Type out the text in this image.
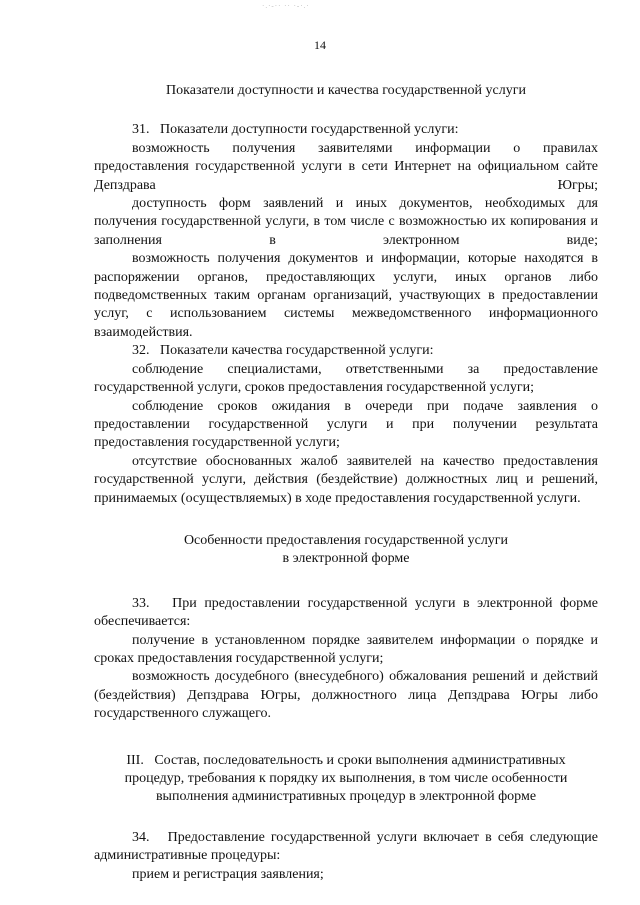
·.·‑·· ·· ·‑·.·
14
Показатели доступности и качества государственной услуги

31.   Показатели доступности государственной услуги:

возможность получения заявителями информации о правилах предоставления государственной услуги в сети Интернет на официальном сайте Депздрава Югры;

доступность форм заявлений и иных документов, необходимых для получения государственной услуги, в том числе с возможностью их копирования и заполнения в электронном виде;

возможность получения документов и информации, которые находятся в распоряжении органов, предоставляющих услуги, иных органов либо подведомственных таким органам организаций, участвующих в предоставлении услуг, с использованием системы межведомственного информационного взаимодействия.

32.   Показатели качества государственной услуги:

соблюдение специалистами, ответственными за предоставление государственной услуги, сроков предоставления государственной услуги;

соблюдение сроков ожидания в очереди при подаче заявления о предоставлении государственной услуги и при получении результата предоставления государственной услуги;

отсутствие обоснованных жалоб заявителей на качество предоставления государственной услуги, действия (бездействие) должностных лиц и решений, принимаемых (осуществляемых) в ходе предоставления государственной услуги.

Особенности предоставления государственной услуги
в электронной форме

33.   При предоставлении государственной услуги в электронной форме обеспечивается:

получение в установленном порядке заявителем информации о порядке и сроках предоставления государственной услуги;

возможность досудебного (внесудебного) обжалования решений и действий (бездействия) Депздрава Югры, должностного лица Депздрава Югры либо государственного служащего.

III.   Состав, последовательность и сроки выполнения административных
процедур, требования к порядку их выполнения, в том числе особенности
выполнения административных процедур в электронной форме

34.   Предоставление государственной услуги включает в себя следующие административные процедуры:

прием и регистрация заявления;
